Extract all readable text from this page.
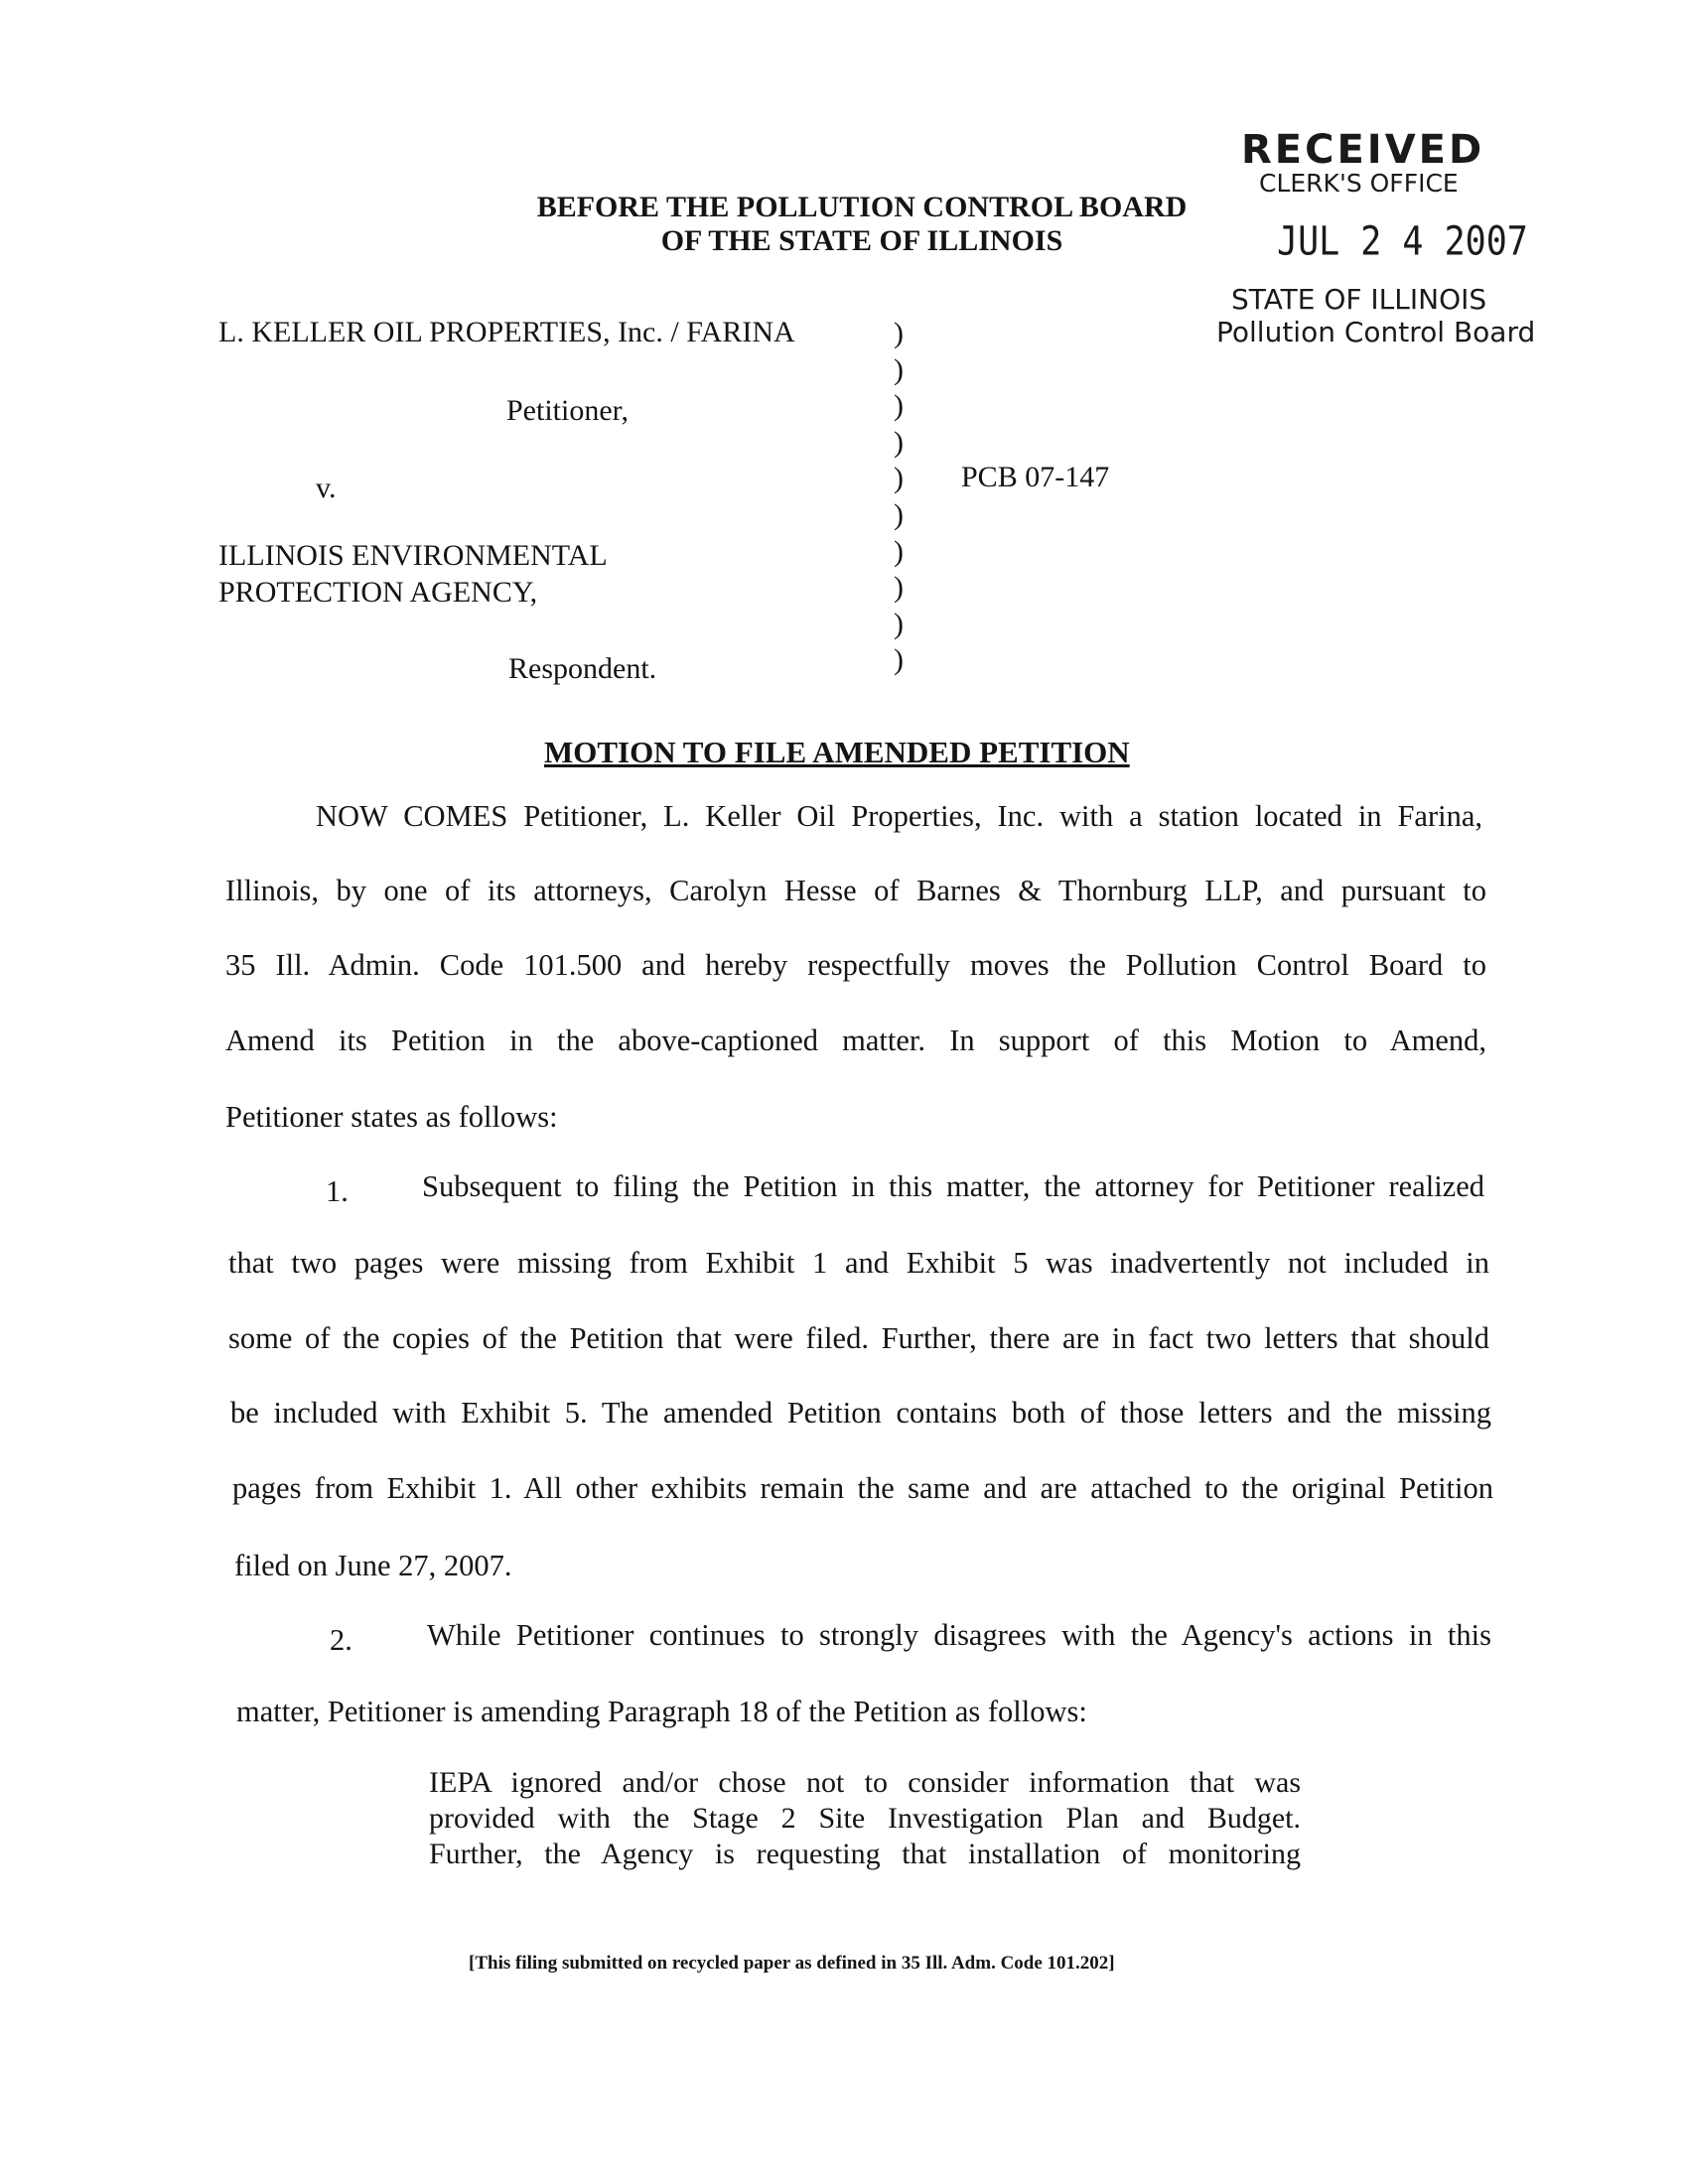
RECEIVED
CLERK'S OFFICE
JUL 2 4 2007
STATE OF ILLINOIS
Pollution Control Board
BEFORE THE POLLUTION CONTROL BOARD
OF THE STATE OF ILLINOIS
L. KELLER OIL PROPERTIES, Inc. / FARINA
Petitioner,
v.
ILLINOIS ENVIRONMENTAL
PROTECTION AGENCY,
Respondent.
PCB 07-147
)
)
)
)
)
)
)
)
)
)
MOTION TO FILE AMENDED PETITION
NOW COMES Petitioner, L. Keller Oil Properties, Inc. with a station located in Farina,
Illinois, by one of its attorneys, Carolyn Hesse of Barnes & Thornburg LLP, and pursuant to
35 Ill. Admin. Code 101.500 and hereby respectfully moves the Pollution Control Board to
Amend its Petition in the above-captioned matter. In support of this Motion to Amend,
Petitioner states as follows:
1. Subsequent to filing the Petition in this matter, the attorney for Petitioner realized
that two pages were missing from Exhibit 1 and Exhibit 5 was inadvertently not included in
some of the copies of the Petition that were filed. Further, there are in fact two letters that should
be included with Exhibit 5. The amended Petition contains both of those letters and the missing
pages from Exhibit 1. All other exhibits remain the same and are attached to the original Petition
filed on June 27, 2007.
2. While Petitioner continues to strongly disagrees with the Agency's actions in this
matter, Petitioner is amending Paragraph 18 of the Petition as follows:
IEPA ignored and/or chose not to consider information that was
provided with the Stage 2 Site Investigation Plan and Budget.
Further, the Agency is requesting that installation of monitoring
[This filing submitted on recycled paper as defined in 35 Ill. Adm. Code 101.202]
